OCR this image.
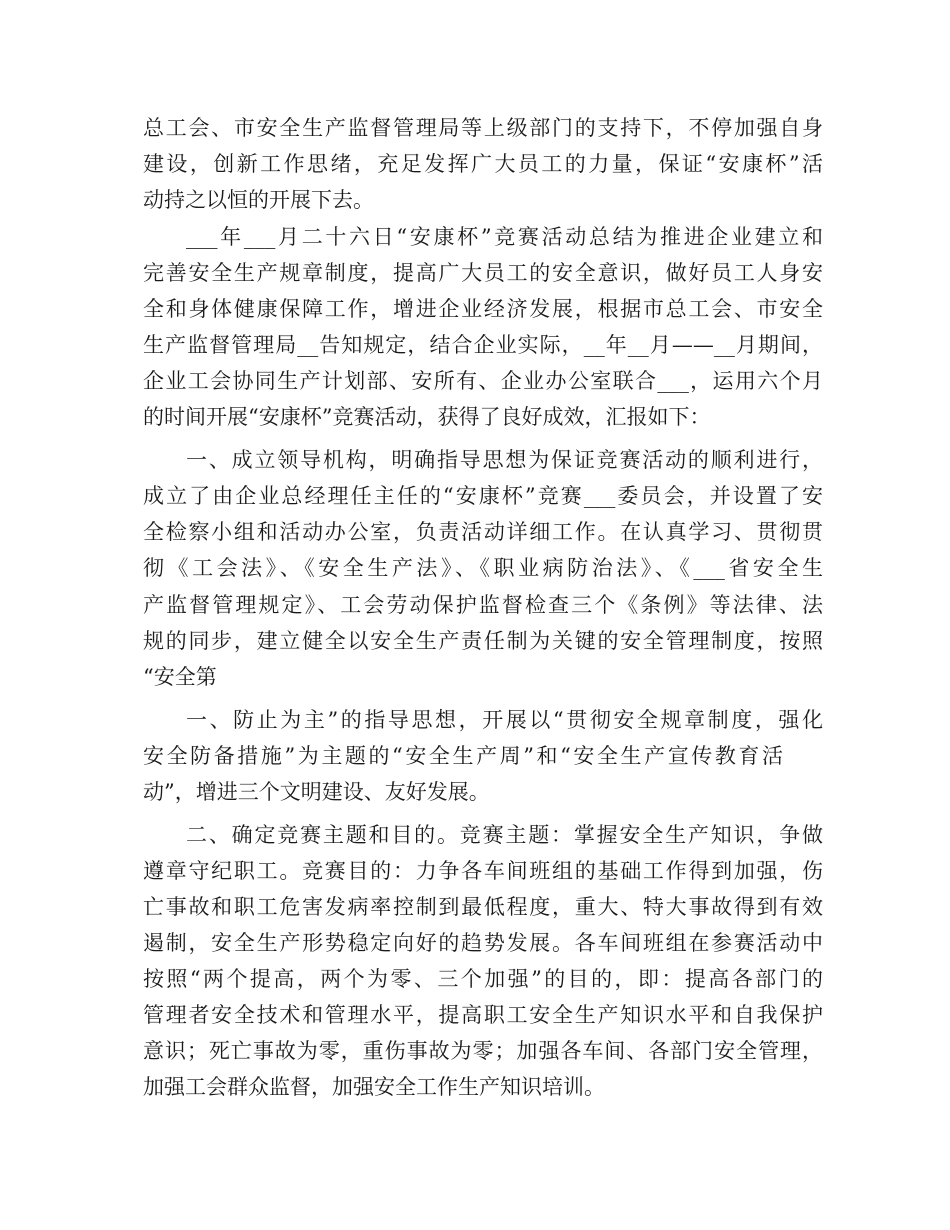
总工会、市安全生产监督管理局等上级部门的支持下，不停加强自身

建设，创新工作思绪，充足发挥广大员工的力量，保证“安康杯”活

动持之以恒的开展下去。

___年___月二十六日“安康杯”竞赛活动总结为推进企业建立和

完善安全生产规章制度，提高广大员工的安全意识，做好员工人身安

全和身体健康保障工作，增进企业经济发展，根据市总工会、市安全

生产监督管理局__告知规定，结合企业实际，__年__月——__月期间，

企业工会协同生产计划部、安所有、企业办公室联合___，运用六个月

的时间开展“安康杯”竞赛活动，获得了良好成效，汇报如下：

一、成立领导机构，明确指导思想为保证竞赛活动的顺利进行，

成立了由企业总经理任主任的“安康杯”竞赛___委员会，并设置了安

全检察小组和活动办公室，负责活动详细工作。在认真学习、贯彻贯

彻《工会法》、《安全生产法》、《职业病防治法》、《___省安全生

产监督管理规定》、工会劳动保护监督检查三个《条例》等法律、法

规的同步，建立健全以安全生产责任制为关键的安全管理制度，按照

“安全第

一、防止为主”的指导思想，开展以“贯彻安全规章制度，强化

安全防备措施”为主题的“安全生产周”和“安全生产宣传教育活

动”，增进三个文明建设、友好发展。

二、确定竞赛主题和目的。竞赛主题：掌握安全生产知识，争做

遵章守纪职工。竞赛目的：力争各车间班组的基础工作得到加强，伤

亡事故和职工危害发病率控制到最低程度，重大、特大事故得到有效

遏制，安全生产形势稳定向好的趋势发展。各车间班组在参赛活动中

按照“两个提高，两个为零、三个加强”的目的，即：提高各部门的

管理者安全技术和管理水平，提高职工安全生产知识水平和自我保护

意识；死亡事故为零，重伤事故为零；加强各车间、各部门安全管理，

加强工会群众监督，加强安全工作生产知识培训。
